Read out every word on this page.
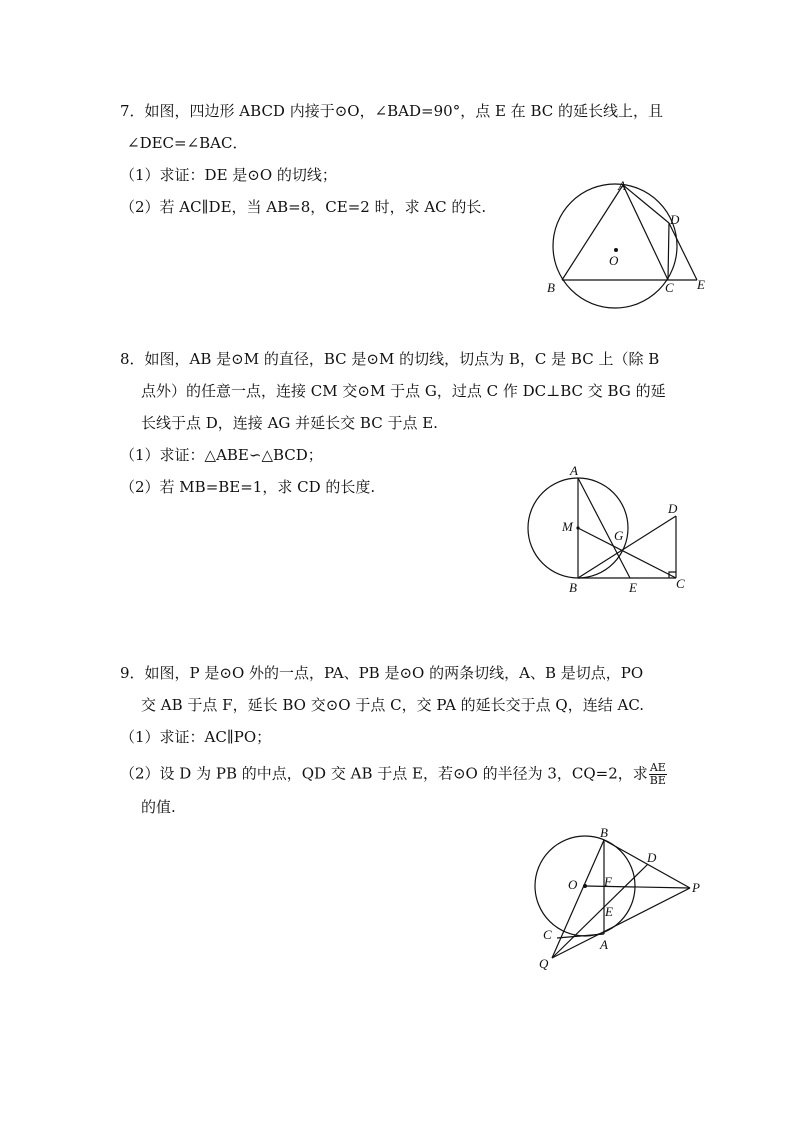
7．如图，四边形 ABCD 内接于⊙O，∠BAD=90°，点 E 在 BC 的延长线上，且
∠DEC=∠BAC．
（1）求证：DE 是⊙O 的切线；
（2）若 AC∥DE，当 AB=8，CE=2 时，求 AC 的长.
A
B	C
D
E
O
8．如图，AB 是⊙M 的直径，BC 是⊙M 的切线，切点为 B，C 是 BC 上（除 B
点外）的任意一点，连接 CM 交⊙M 于点 G，过点 C 作 DC⊥BC 交 BG 的延
长线于点 D，连接 AG 并延长交 BC 于点 E.
（1）求证：△ABE∽△BCD；
（2）若 MB=BE=1，求 CD 的长度.
A
B	C
D
E
G
M
9．如图，P 是⊙O 外的一点，PA、PB 是⊙O 的两条切线，A、B 是切点，PO
交 AB 于点 F，延长 BO 交⊙O 于点 C，交 PA 的延长交于点 Q，连结 AC.
（1）求证：AC∥PO；
（2）设 D 为 PB 的中点，QD 交 AB 于点 E，若⊙O 的半径为 3，CQ=2，求 $\frac{AE}{BE}$
的值.
B
D
O F	P
E
C
A
Q
